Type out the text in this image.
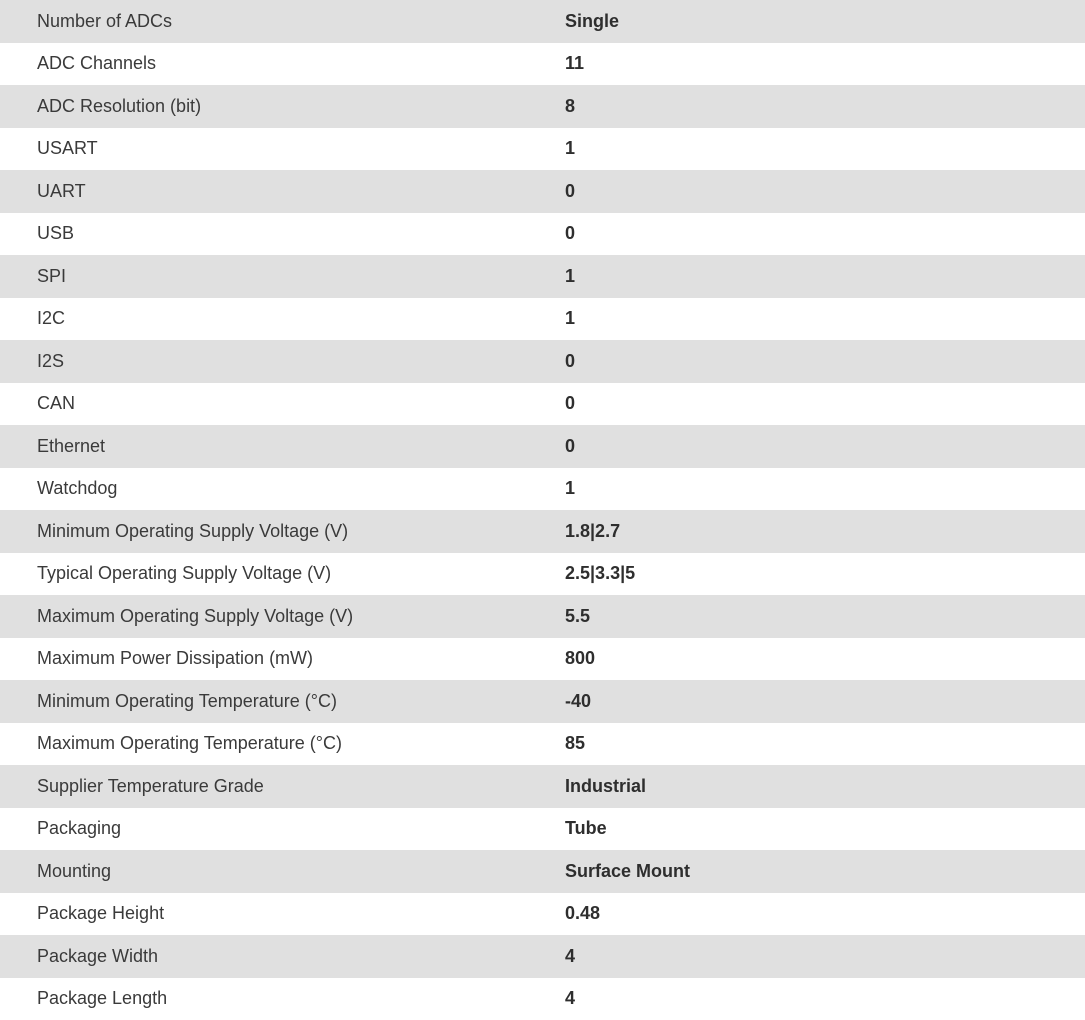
Number of ADCs	Single
ADC Channels	11
ADC Resolution (bit)	8
USART	1
UART	0
USB	0
SPI	1
I2C	1
I2S	0
CAN	0
Ethernet	0
Watchdog	1
Minimum Operating Supply Voltage (V)	1.8|2.7
Typical Operating Supply Voltage (V)	2.5|3.3|5
Maximum Operating Supply Voltage (V)	5.5
Maximum Power Dissipation (mW)	800
Minimum Operating Temperature (°C)	-40
Maximum Operating Temperature (°C)	85
Supplier Temperature Grade	Industrial
Packaging	Tube
Mounting	Surface Mount
Package Height	0.48
Package Width	4
Package Length	4
